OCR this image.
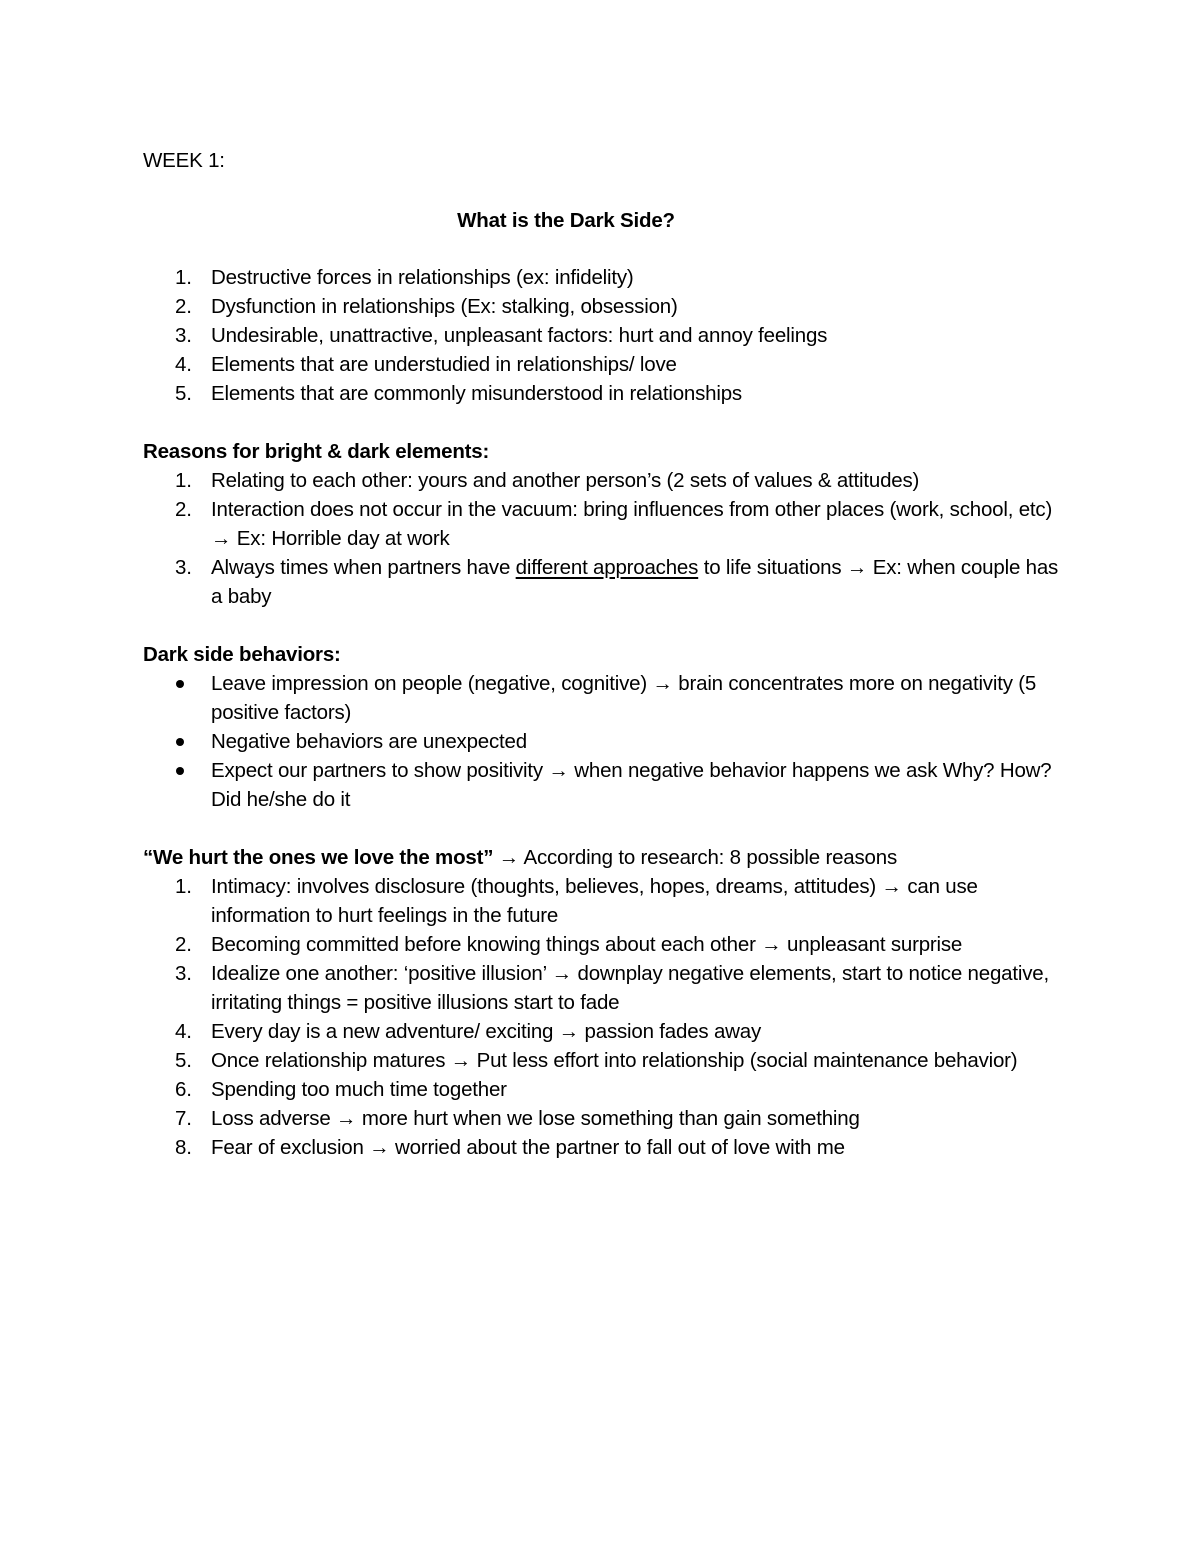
WEEK 1:
What is the Dark Side?
1. Destructive forces in relationships (ex: infidelity)
2. Dysfunction in relationships (Ex: stalking, obsession)
3. Undesirable, unattractive, unpleasant factors: hurt and annoy feelings
4. Elements that are understudied in relationships/ love
5. Elements that are commonly misunderstood in relationships
Reasons for bright & dark elements:
1. Relating to each other: yours and another person’s (2 sets of values & attitudes)
2. Interaction does not occur in the vacuum: bring influences from other places (work, school, etc) → Ex: Horrible day at work
3. Always times when partners have different approaches to life situations → Ex: when couple has a baby
Dark side behaviors:
Leave impression on people (negative, cognitive) → brain concentrates more on negativity (5 positive factors)
Negative behaviors are unexpected
Expect our partners to show positivity → when negative behavior happens we ask Why? How? Did he/she do it
“We hurt the ones we love the most” → According to research: 8 possible reasons
1. Intimacy: involves disclosure (thoughts, believes, hopes, dreams, attitudes) → can use information to hurt feelings in the future
2. Becoming committed before knowing things about each other → unpleasant surprise
3. Idealize one another: ‘positive illusion’ → downplay negative elements, start to notice negative, irritating things = positive illusions start to fade
4. Every day is a new adventure/ exciting → passion fades away
5. Once relationship matures → Put less effort into relationship (social maintenance behavior)
6. Spending too much time together
7. Loss adverse → more hurt when we lose something than gain something
8. Fear of exclusion → worried about the partner to fall out of love with me
